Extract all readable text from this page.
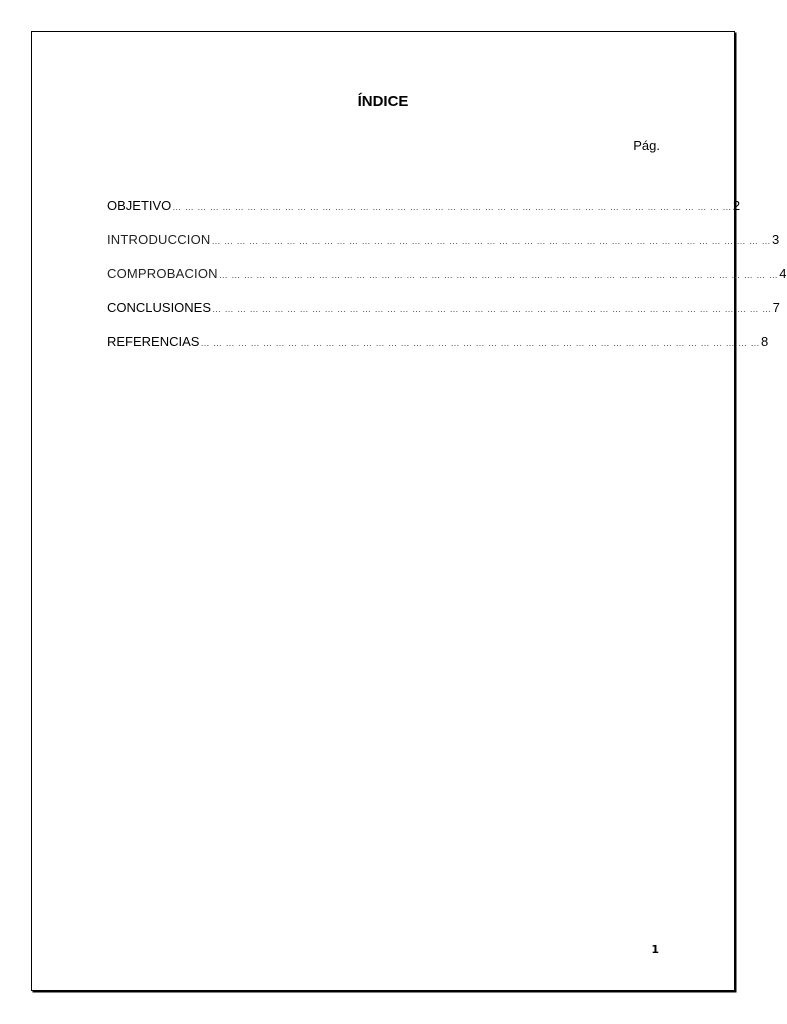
ÍNDICE
Pág.
OBJETIVO … … … … … … … … … … … … … … … … … … … … … … … … … … … … … … … … … … … … … … … … … … … … … 2
INTRODUCCION … … … … … … … … … … … … … … … … … … … … … … … … … … … … … … … … … … … … … … … … … … … … … 3
COMPROBACION … … … … … … … … … … … … … … … … … … … … … … … … … … … … … … … … … … … … … … … … … … … … … 4
CONCLUSIONES … … … … … … … … … … … … … … … … … … … … … … … … … … … … … … … … … … … … … … … … … … … … … 7
REFERENCIAS … … … … … … … … … … … … … … … … … … … … … … … … … … … … … … … … … … … … … … … … … … … … … 8
1
